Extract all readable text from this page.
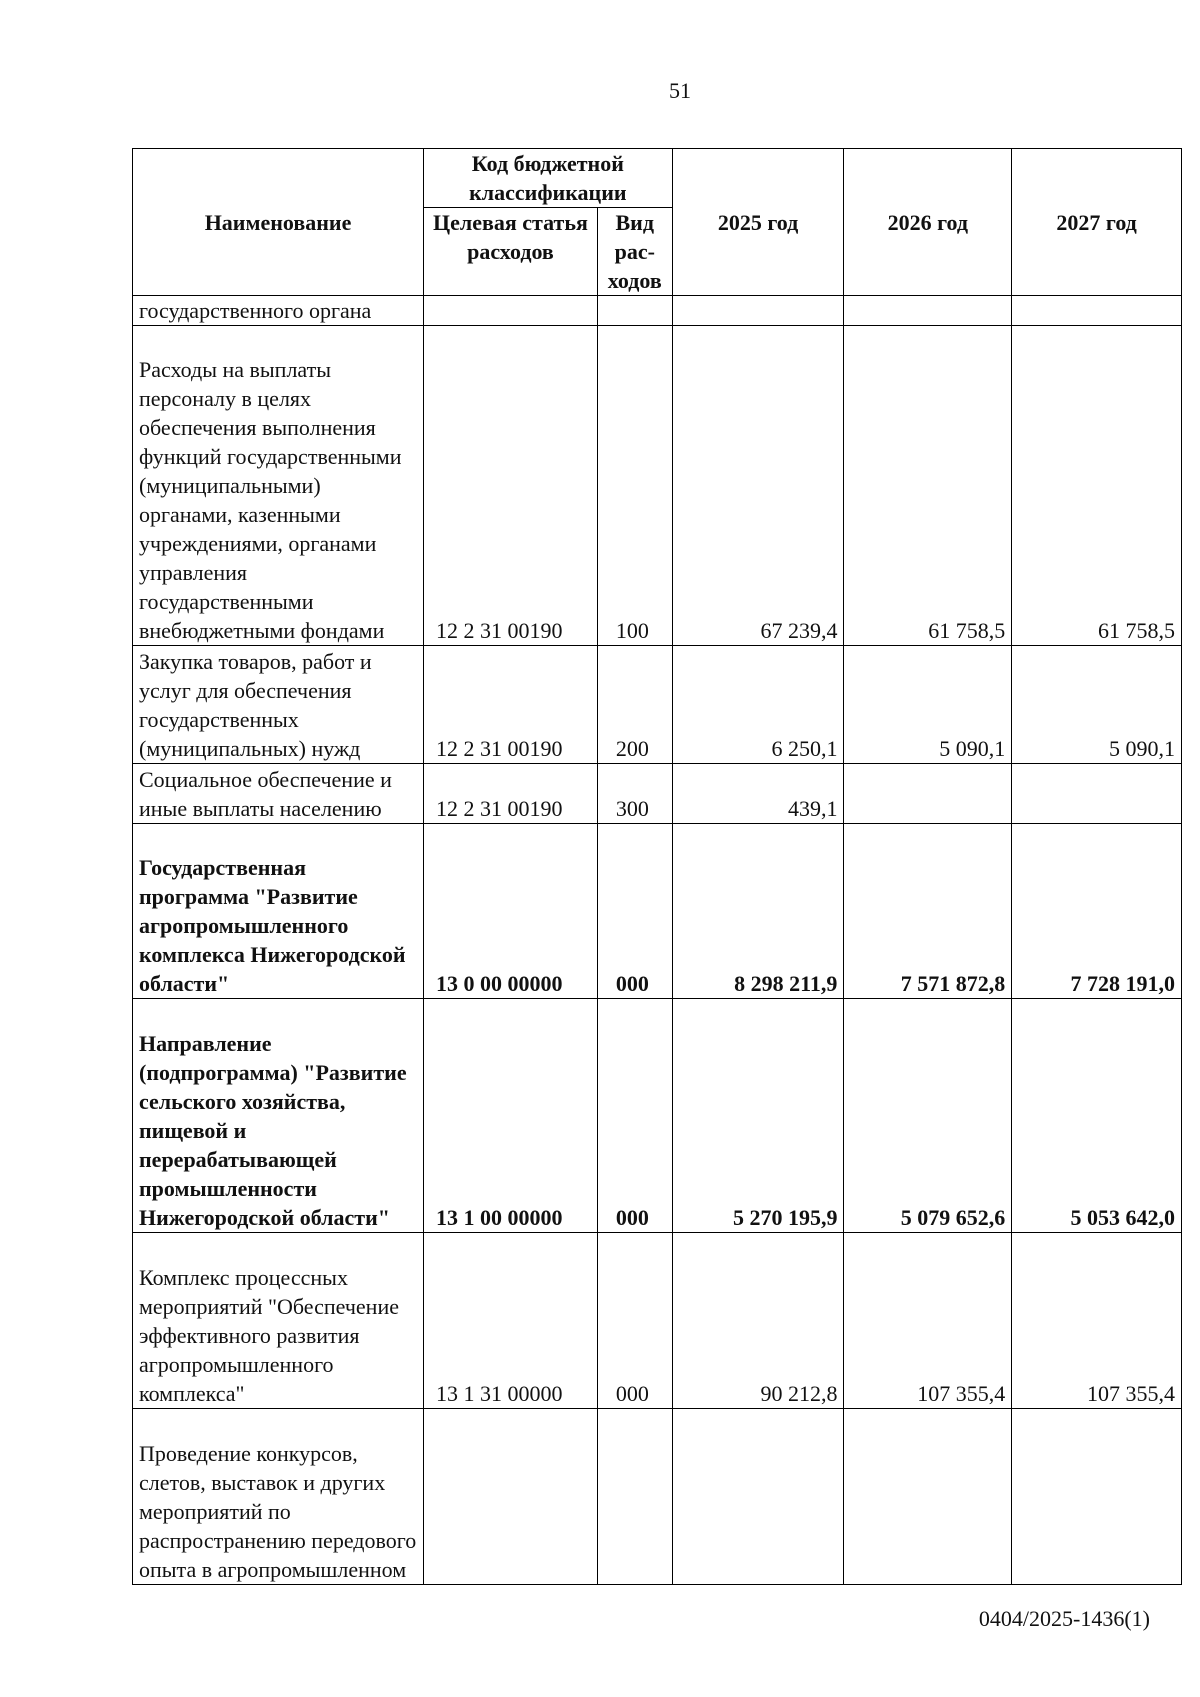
51
Наименование	Код бюджетной классификации		2025 год	2026 год	2027 год
	Целевая статья расходов	Вид рас-ходов			
государственного органа					
Расходы на выплаты персоналу в целях обеспечения выполнения функций государственными (муниципальными) органами, казенными учреждениями, органами управления государственными внебюджетными фондами	12 2 31 00190	100	67 239,4	61 758,5	61 758,5
Закупка товаров, работ и услуг для обеспечения государственных (муниципальных) нужд	12 2 31 00190	200	6 250,1	5 090,1	5 090,1
Социальное обеспечение и иные выплаты населению	12 2 31 00190	300	439,1		
Государственная программа "Развитие агропромышленного комплекса Нижегородской области"	13 0 00 00000	000	8 298 211,9	7 571 872,8	7 728 191,0
Направление (подпрограмма) "Развитие сельского хозяйства, пищевой и перерабатывающей промышленности Нижегородской области"	13 1 00 00000	000	5 270 195,9	5 079 652,6	5 053 642,0
Комплекс процессных мероприятий "Обеспечение эффективного развития агропромышленного комплекса"	13 1 31 00000	000	90 212,8	107 355,4	107 355,4
Проведение конкурсов, слетов, выставок и других мероприятий по распространению передового опыта в агропромышленном					
0404/2025-1436(1)
